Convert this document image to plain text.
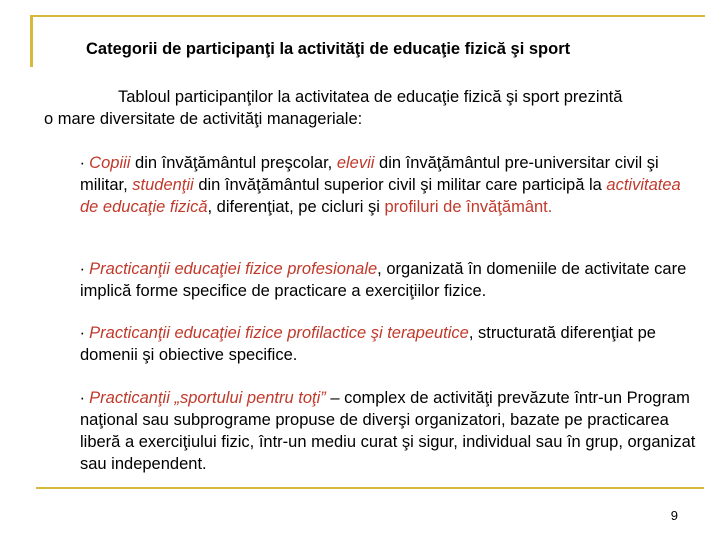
Categorii de participanţi la activităţi de educaţie fizică şi sport
Tabloul participanţilor la activitatea de educaţie fizică şi sport prezintă
o mare diversitate de activităţi manageriale:
∙ Copiii din învăţământul preşcolar, elevii din învăţământul pre-universitar civil şi militar, studenţii din învăţământul superior civil şi militar care participă la activitatea de educaţie fizică, diferenţiat, pe cicluri şi profiluri de învăţământ.
∙ Practicanţii educaţiei fizice profesionale, organizată în domeniile de activitate care implică forme specifice de practicare a exerciţiilor fizice.
∙ Practicanţii educaţiei fizice profilactice şi terapeutice, structurată diferenţiat pe domenii şi obiective specifice.
∙ Practicanţii „sportului pentru toţi” – complex de activităţi prevăzute într-un Program naţional sau subprograme propuse de diverşi organizatori, bazate pe practicarea liberă a exerciţiului fizic, într-un mediu curat şi sigur, individual sau în grup, organizat sau independent.
9
